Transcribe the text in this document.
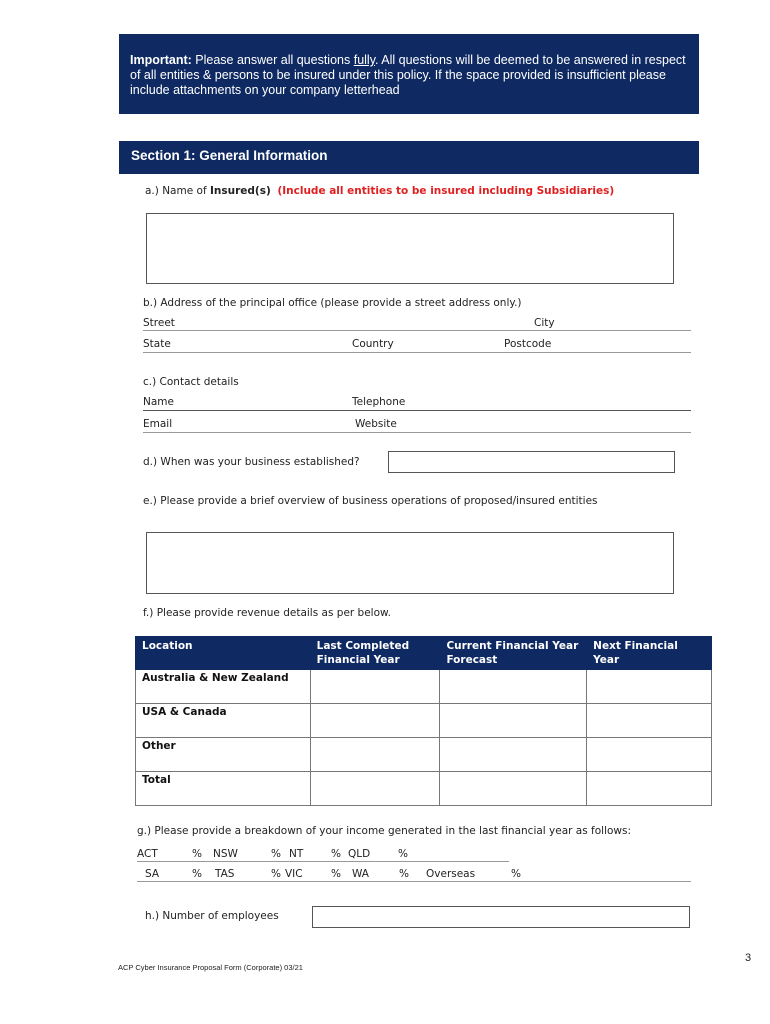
Important: Please answer all questions fully. All questions will be deemed to be answered in respect of all entities & persons to be insured under this policy. If the space provided is insufficient please include attachments on your company letterhead
Section 1: General Information
a.) Name of Insured(s) (Include all entities to be insured including Subsidiaries)
b.) Address of the principal office (please provide a street address only.)
Street	City
State	Country	Postcode
c.) Contact details
Name	Telephone
Email	Website
d.) When was your business established?
e.) Please provide a brief overview of business operations of proposed/insured entities
f.) Please provide revenue details as per below.
Location	Last Completed Financial Year	Current Financial Year Forecast	Next Financial Year
Australia & New Zealand			
USA & Canada			
Other			
Total			
g.) Please provide a breakdown of your income generated in the last financial year as follows:
ACT	% NSW	% NT	% QLD	%
SA	% TAS	% VIC	% WA	% Overseas	%
h.) Number of employees
ACP Cyber Insurance Proposal Form (Corporate) 03/21
3
